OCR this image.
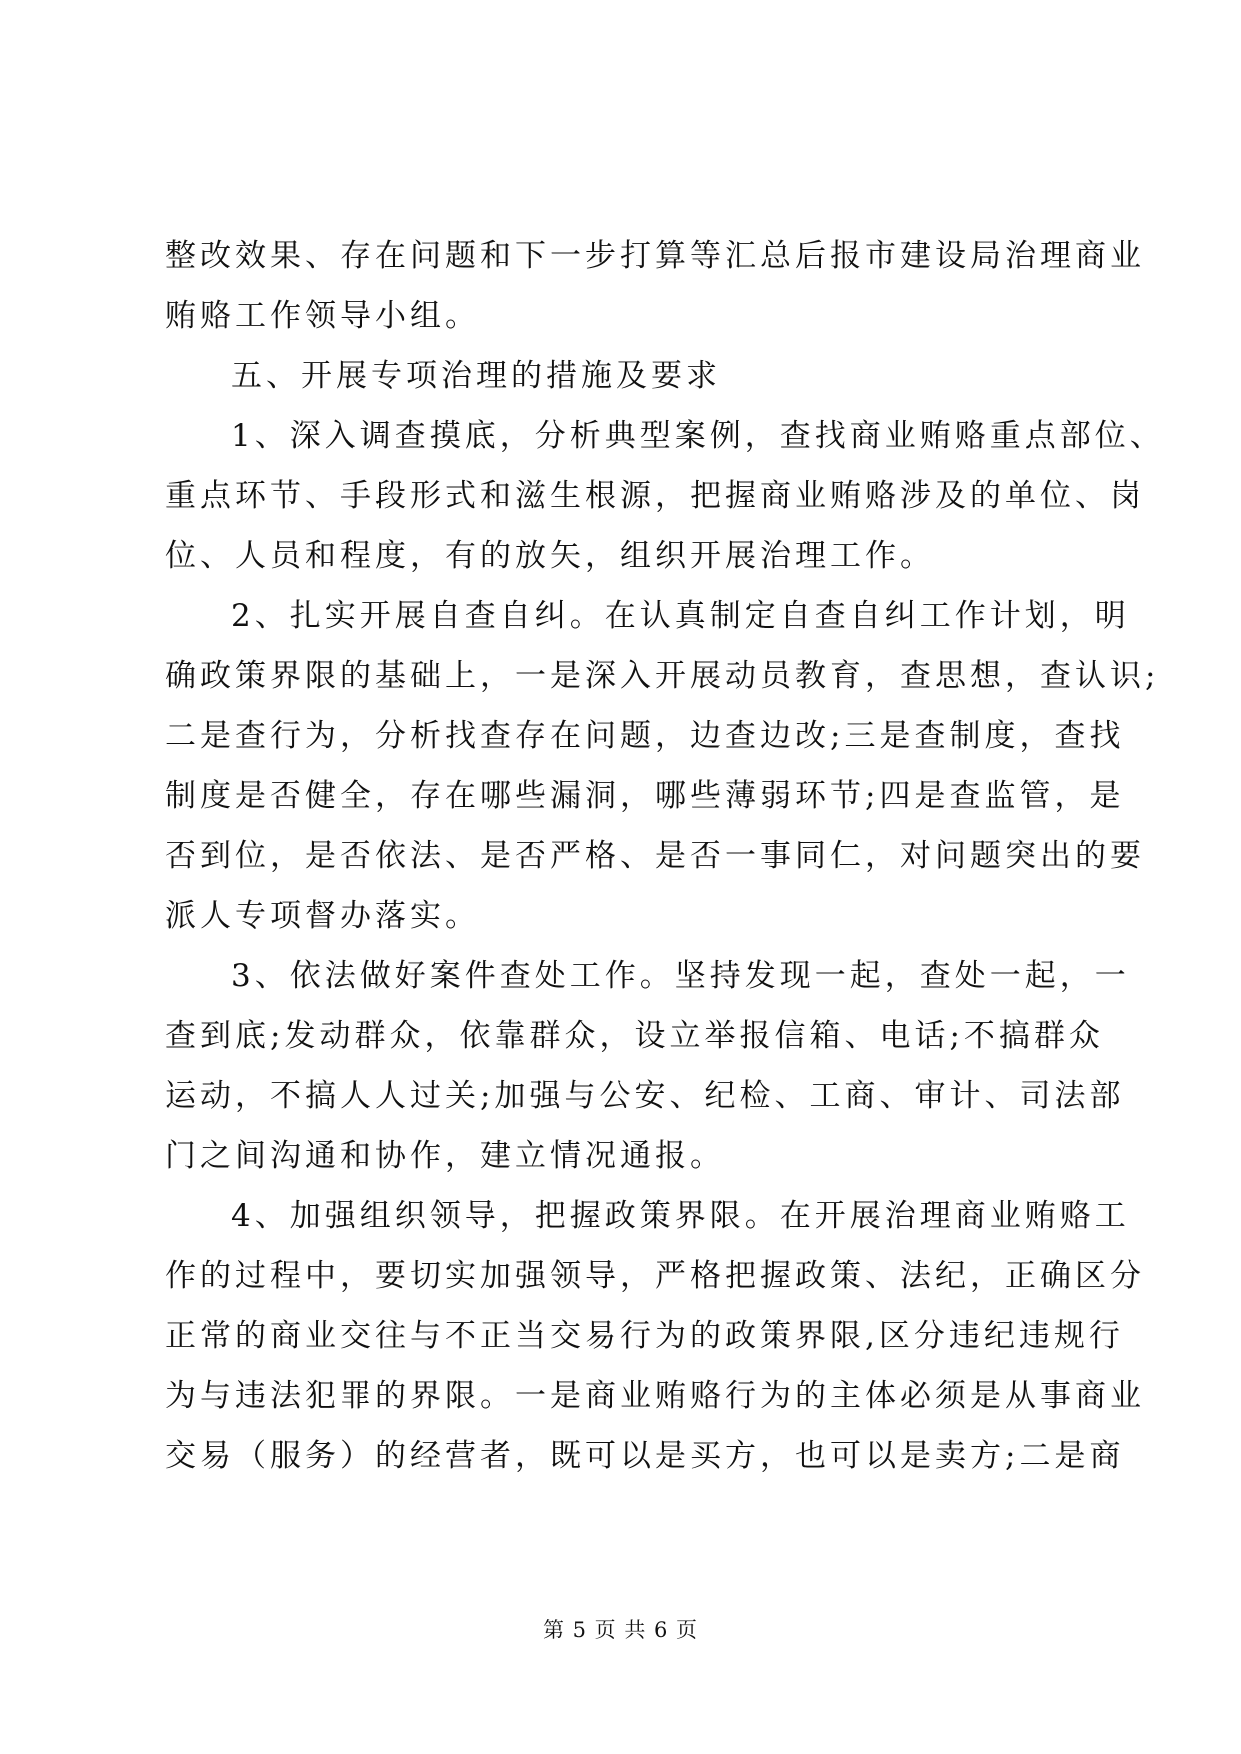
整改效果、存在问题和下一步打算等汇总后报市建设局治理商业
贿赂工作领导小组。
五、开展专项治理的措施及要求
1、深入调查摸底，分析典型案例，查找商业贿赂重点部位、
重点环节、手段形式和滋生根源，把握商业贿赂涉及的单位、岗
位、人员和程度，有的放矢，组织开展治理工作。
2、扎实开展自查自纠。在认真制定自查自纠工作计划，明
确政策界限的基础上，一是深入开展动员教育，查思想，查认识;
二是查行为，分析找查存在问题，边查边改;三是查制度，查找
制度是否健全，存在哪些漏洞，哪些薄弱环节;四是查监管，是
否到位，是否依法、是否严格、是否一事同仁，对问题突出的要
派人专项督办落实。
3、依法做好案件查处工作。坚持发现一起，查处一起，一
查到底;发动群众，依靠群众，设立举报信箱、电话;不搞群众
运动，不搞人人过关;加强与公安、纪检、工商、审计、司法部
门之间沟通和协作，建立情况通报。
4、加强组织领导，把握政策界限。在开展治理商业贿赂工
作的过程中，要切实加强领导，严格把握政策、法纪，正确区分
正常的商业交往与不正当交易行为的政策界限,区分违纪违规行
为与违法犯罪的界限。一是商业贿赂行为的主体必须是从事商业
交易（服务）的经营者，既可以是买方，也可以是卖方;二是商
第 5 页 共 6 页
